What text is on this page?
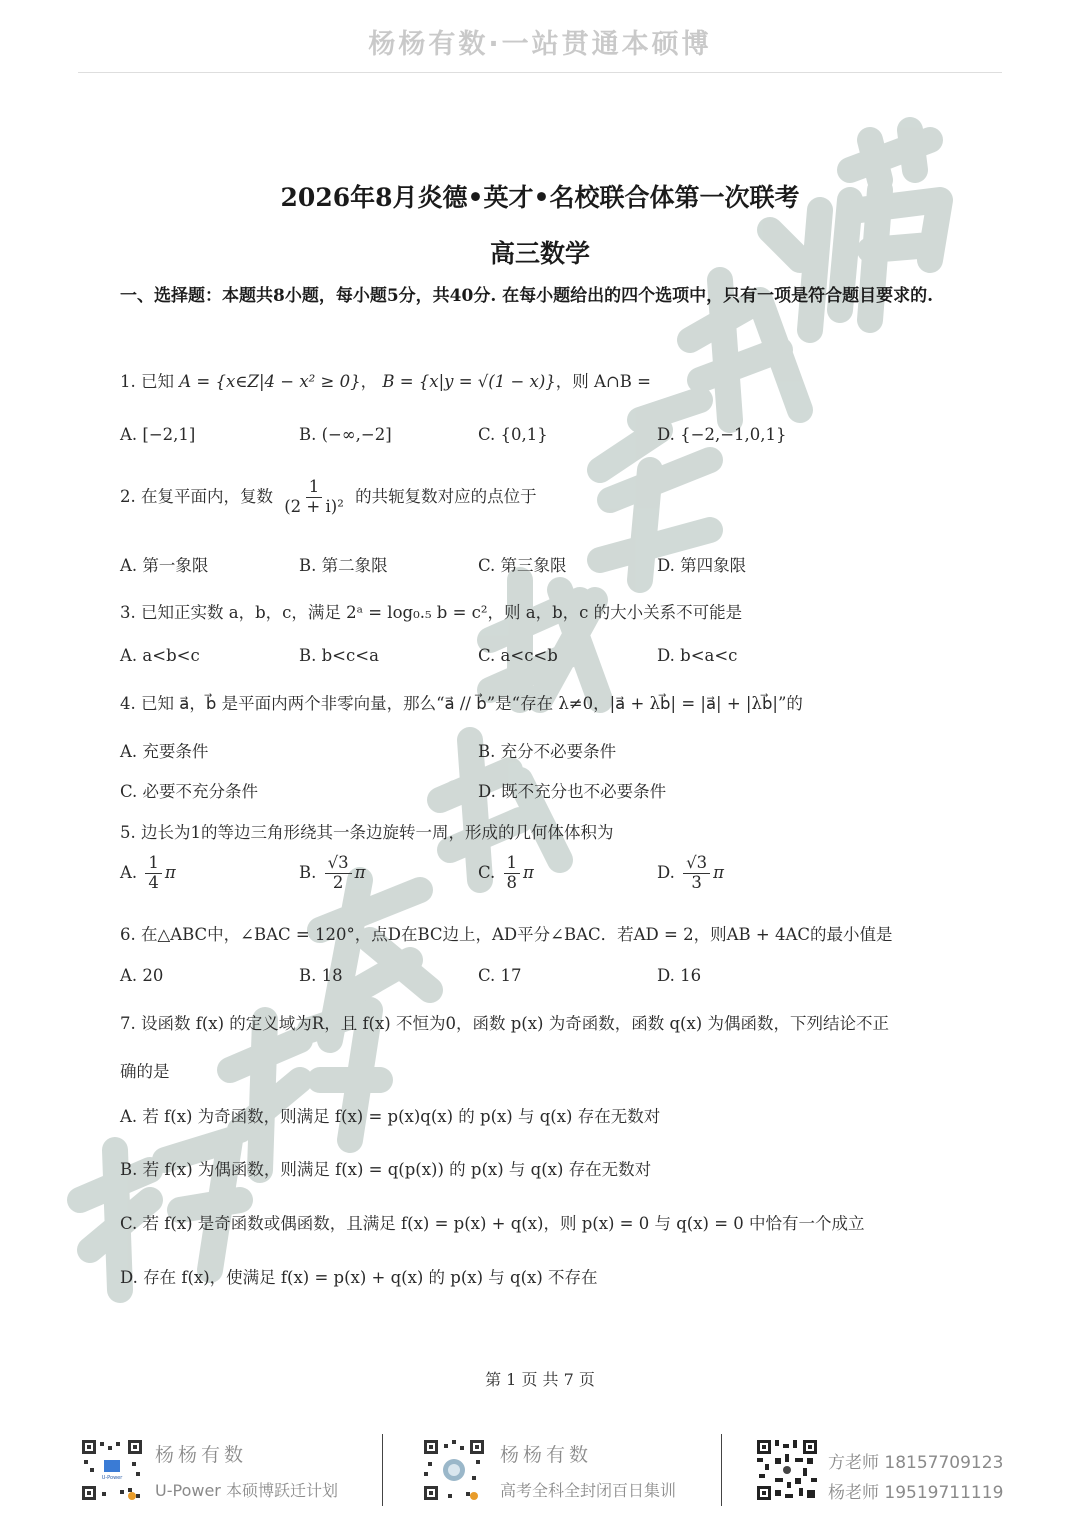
杨杨有数·一站贯通本硕博
2026年8月炎德•英才•名校联合体第一次联考
高三数学
一、选择题：本题共8小题，每小题5分，共40分. 在每小题给出的四个选项中，只有一项是符合题目要求的.
1. 已知 A = {x∈Z|4 − x² ≥ 0}， B = {x|y = √(1 − x)}，则 A∩B =
A. [−2,1]	B. (−∞,−2]	C. {0,1}	D. {−2,−1,0,1}
2. 在复平面内，复数 $\frac{1}{\text{(2 + i)²}}$ 的共轭复数对应的点位于
A. 第一象限	B. 第二象限	C. 第三象限	D. 第四象限
3. 已知正实数 a，b，c，满足 2ᵃ = log₀.₅ b = c²，则 a，b，c 的大小关系不可能是
A. a<b<c	B. b<c<a	C. a<c<b	D. b<a<c
4. 已知 a⃗，b⃗ 是平面内两个非零向量，那么“a⃗ // b⃗”是“存在 λ≠0，|a⃗ + λb⃗| = |a⃗| + |λb⃗|”的
A. 充要条件	B. 充分不必要条件
C. 必要不充分条件	D. 既不充分也不必要条件
5. 边长为1的等边三角形绕其一条边旋转一周，形成的几何体体积为
A. $\frac{1}{4}$ π	B. $\frac{√3}{2}$ π	C. $\frac{1}{8}$ π	D. $\frac{√3}{3}$ π
6. 在△ABC中，∠BAC = 120°，点D在BC边上，AD平分∠BAC．若AD = 2，则AB + 4AC的最小值是
A. 20	B. 18	C. 17	D. 16
7. 设函数 f(x) 的定义域为R，且 f(x) 不恒为0，函数 p(x) 为奇函数，函数 q(x) 为偶函数，下列结论不正
确的是
A. 若 f(x) 为奇函数，则满足 f(x) = p(x)q(x) 的 p(x) 与 q(x) 存在无数对
B. 若 f(x) 为偶函数，则满足 f(x) = q(p(x)) 的 p(x) 与 q(x) 存在无数对
C. 若 f(x) 是奇函数或偶函数，且满足 f(x) = p(x) + q(x)，则 p(x) = 0 与 q(x) = 0 中恰有一个成立
D. 存在 f(x)，使满足 f(x) = p(x) + q(x) 的 p(x) 与 q(x) 不存在
第 1 页 共 7 页
U-Power
杨杨有数
U-Power 本硕博跃迁计划
杨杨有数
高考全科全封闭百日集训
方老师 18157709123
杨老师 19519711119
